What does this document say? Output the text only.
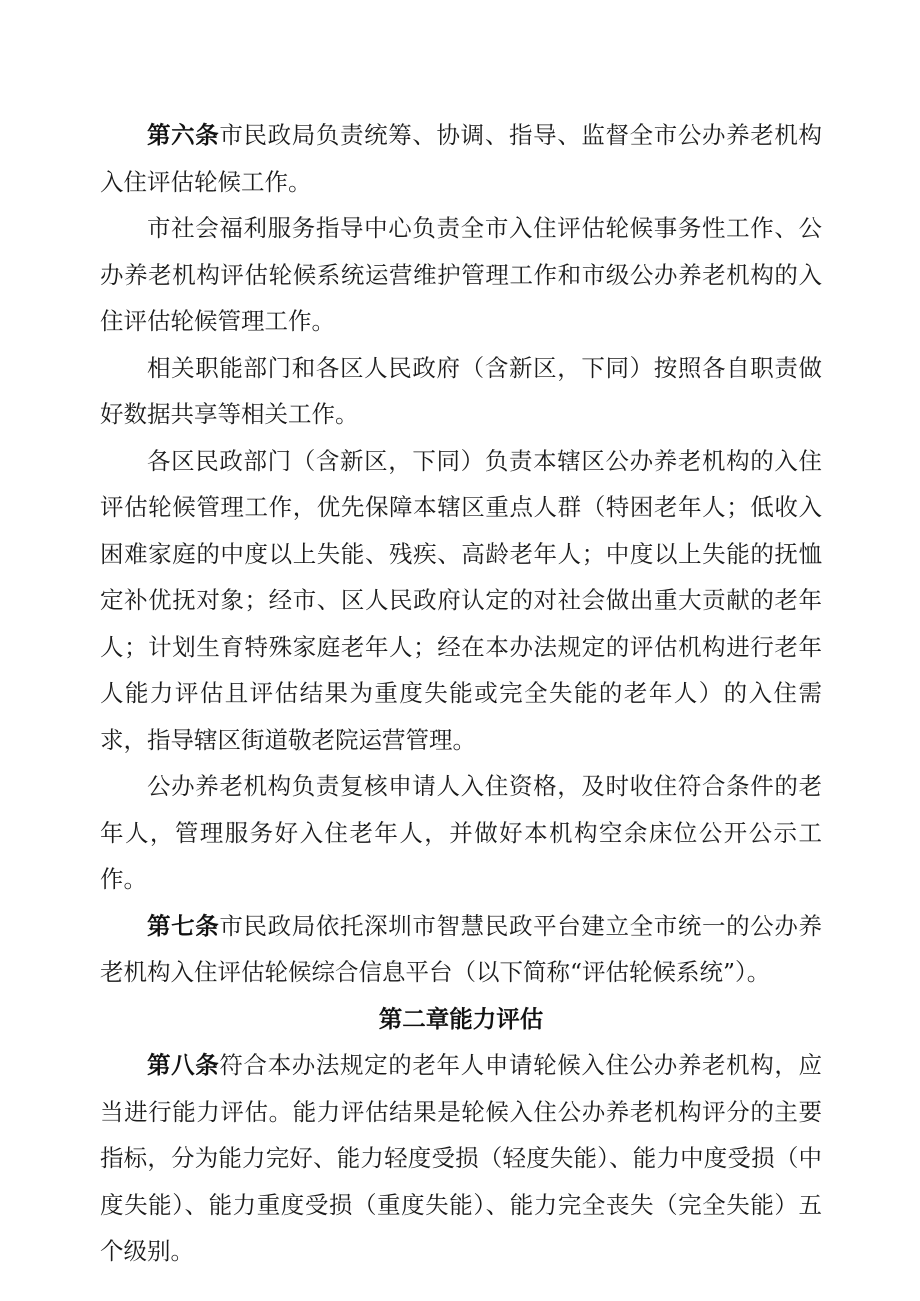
第六条市民政局负责统筹、协调、指导、监督全市公办养老机构入住评估轮候工作。

市社会福利服务指导中心负责全市入住评估轮候事务性工作、公办养老机构评估轮候系统运营维护管理工作和市级公办养老机构的入住评估轮候管理工作。

相关职能部门和各区人民政府（含新区，下同）按照各自职责做好数据共享等相关工作。

各区民政部门（含新区，下同）负责本辖区公办养老机构的入住评估轮候管理工作，优先保障本辖区重点人群（特困老年人；低收入困难家庭的中度以上失能、残疾、高龄老年人；中度以上失能的抚恤定补优抚对象；经市、区人民政府认定的对社会做出重大贡献的老年人；计划生育特殊家庭老年人；经在本办法规定的评估机构进行老年人能力评估且评估结果为重度失能或完全失能的老年人）的入住需求，指导辖区街道敬老院运营管理。

公办养老机构负责复核申请人入住资格，及时收住符合条件的老年人，管理服务好入住老年人，并做好本机构空余床位公开公示工作。

第七条市民政局依托深圳市智慧民政平台建立全市统一的公办养老机构入住评估轮候综合信息平台（以下简称“评估轮候系统”）。

第二章能力评估

第八条符合本办法规定的老年人申请轮候入住公办养老机构，应当进行能力评估。能力评估结果是轮候入住公办养老机构评分的主要指标，分为能力完好、能力轻度受损（轻度失能）、能力中度受损（中度失能）、能力重度受损（重度失能）、能力完全丧失（完全失能）五个级别。
